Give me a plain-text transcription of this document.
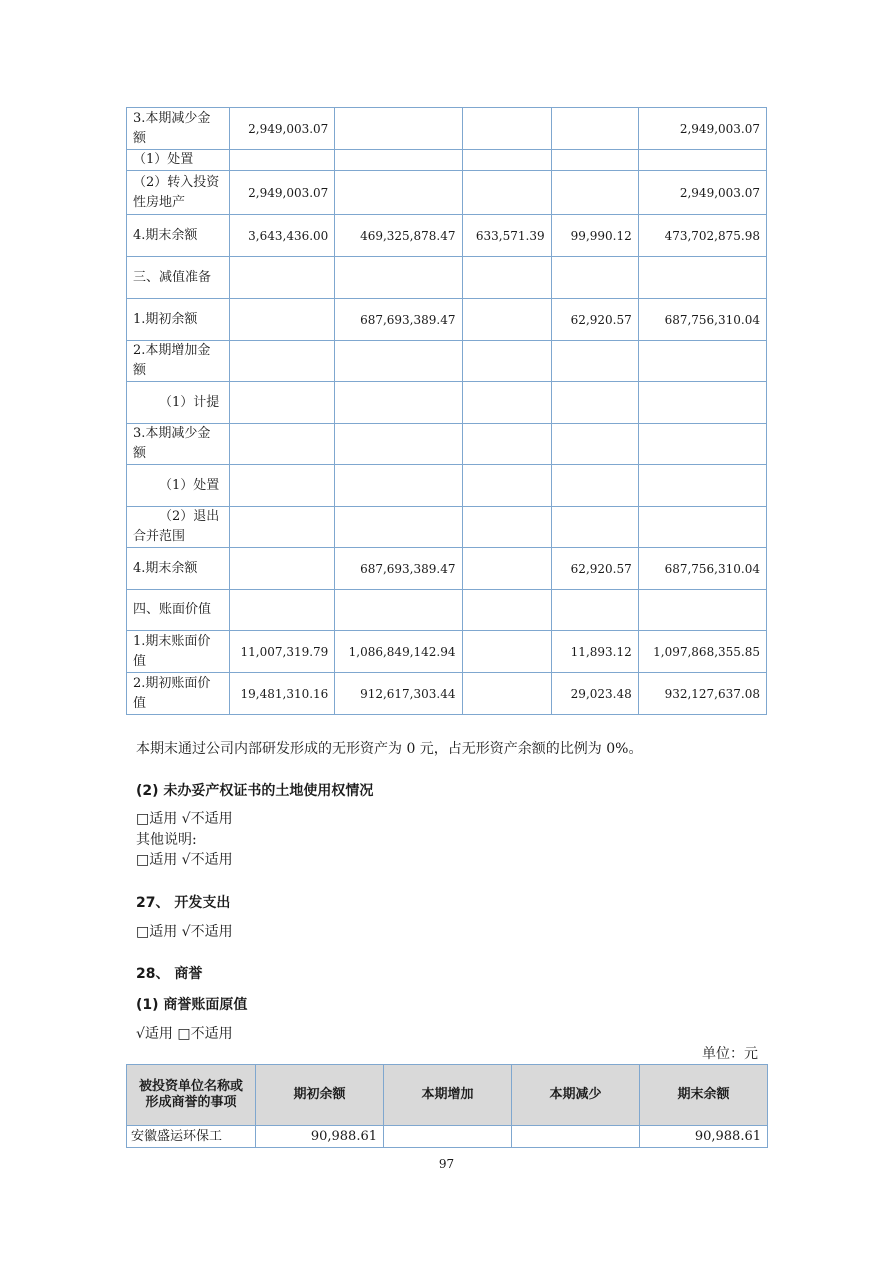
3.本期减少金额	2,949,003.07				2,949,003.07
（1）处置					
（2）转入投资性房地产	2,949,003.07				2,949,003.07
4.期末余额	3,643,436.00	469,325,878.47	633,571.39	99,990.12	473,702,875.98
三、减值准备					
1.期初余额		687,693,389.47		62,920.57	687,756,310.04
2.本期增加金额					
（1）计提					
3.本期减少金额					
（1）处置					
（2）退出合并范围					
4.期末余额		687,693,389.47		62,920.57	687,756,310.04
四、账面价值					
1.期末账面价值	11,007,319.79	1,086,849,142.94		11,893.12	1,097,868,355.85
2.期初账面价值	19,481,310.16	912,617,303.44		29,023.48	932,127,637.08
本期末通过公司内部研发形成的无形资产为 0 元，占无形资产余额的比例为 0%。
(2) 未办妥产权证书的土地使用权情况
□适用 √不适用
其他说明:
□适用 √不适用
27、 开发支出
□适用 √不适用
28、 商誉
(1) 商誉账面原值
√适用 □不适用
单位：元
被投资单位名称或形成商誉的事项	期初余额	本期增加	本期减少	期末余额
安徽盛运环保工	90,988.61			90,988.61
97
